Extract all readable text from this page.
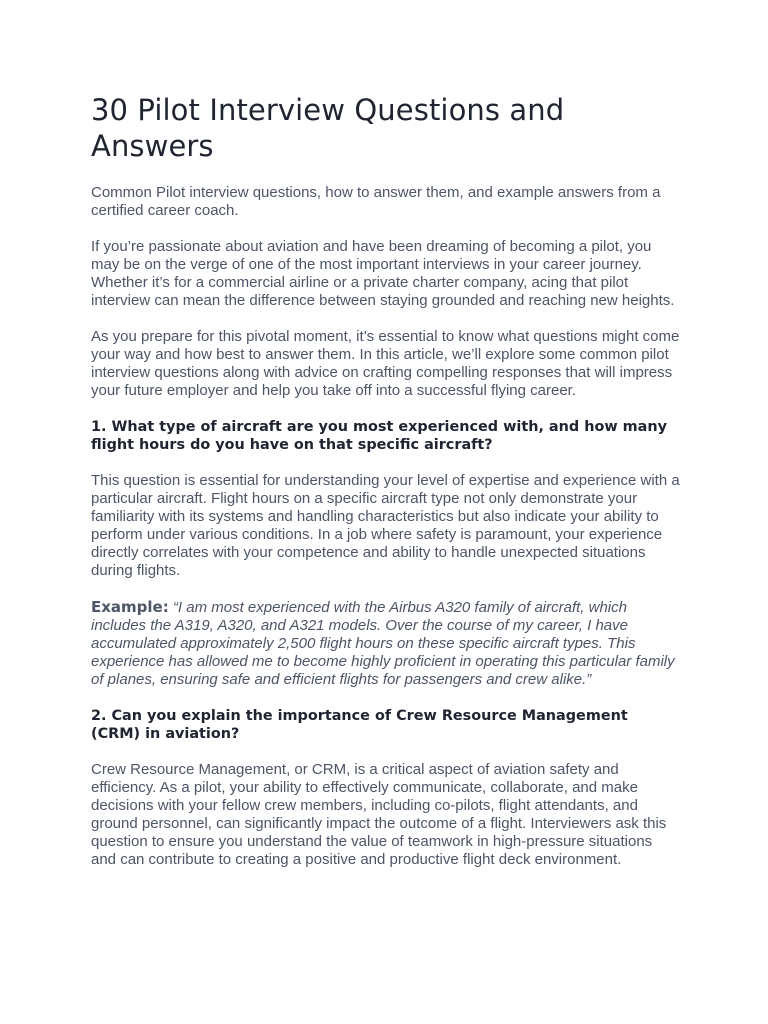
30 Pilot Interview Questions and Answers

Common Pilot interview questions, how to answer them, and example answers from a certified career coach.

If you’re passionate about aviation and have been dreaming of becoming a pilot, you may be on the verge of one of the most important interviews in your career journey. Whether it’s for a commercial airline or a private charter company, acing that pilot interview can mean the difference between staying grounded and reaching new heights.

As you prepare for this pivotal moment, it’s essential to know what questions might come your way and how best to answer them. In this article, we’ll explore some common pilot interview questions along with advice on crafting compelling responses that will impress your future employer and help you take off into a successful flying career.

1. What type of aircraft are you most experienced with, and how many flight hours do you have on that specific aircraft?

This question is essential for understanding your level of expertise and experience with a particular aircraft. Flight hours on a specific aircraft type not only demonstrate your familiarity with its systems and handling characteristics but also indicate your ability to perform under various conditions. In a job where safety is paramount, your experience directly correlates with your competence and ability to handle unexpected situations during flights.

Example: “I am most experienced with the Airbus A320 family of aircraft, which includes the A319, A320, and A321 models. Over the course of my career, I have accumulated approximately 2,500 flight hours on these specific aircraft types. This experience has allowed me to become highly proficient in operating this particular family of planes, ensuring safe and efficient flights for passengers and crew alike.”

2. Can you explain the importance of Crew Resource Management (CRM) in aviation?

Crew Resource Management, or CRM, is a critical aspect of aviation safety and efficiency. As a pilot, your ability to effectively communicate, collaborate, and make decisions with your fellow crew members, including co-pilots, flight attendants, and ground personnel, can significantly impact the outcome of a flight. Interviewers ask this question to ensure you understand the value of teamwork in high-pressure situations and can contribute to creating a positive and productive flight deck environment.
